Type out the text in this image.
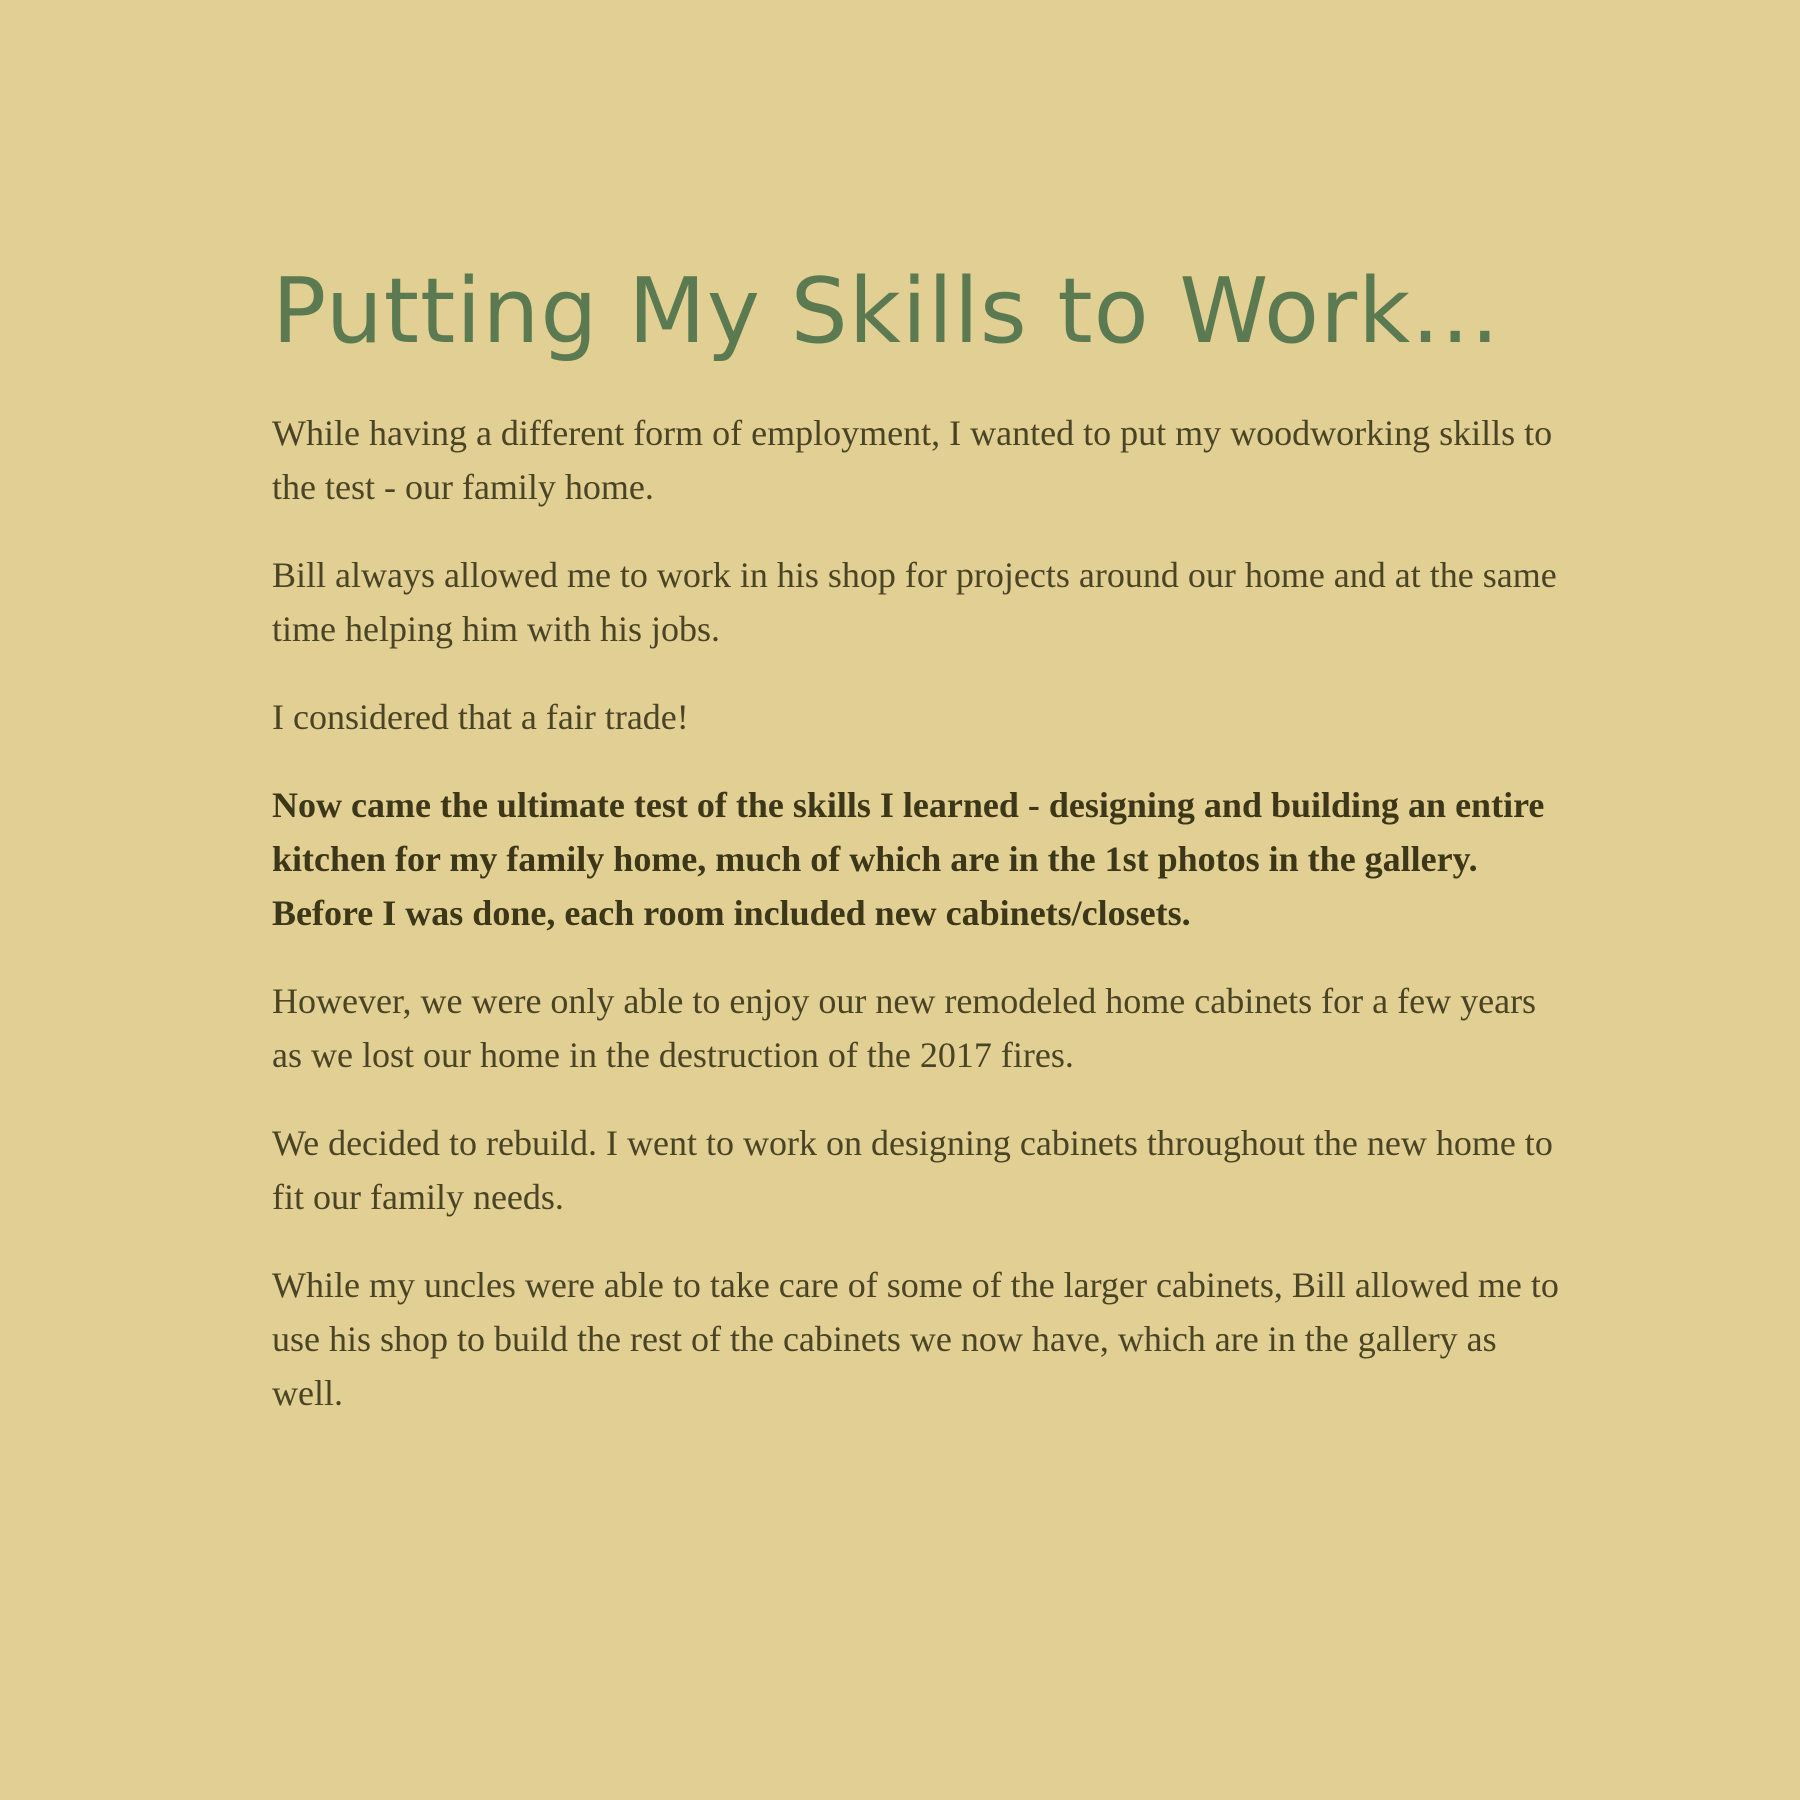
Putting My Skills to Work...

While having a different form of employment, I wanted to put my woodworking skills to the test - our family home.

Bill always allowed me to work in his shop for projects around our home and at the same time helping him with his jobs.

I considered that a fair trade!

Now came the ultimate test of the skills I learned - designing and building an entire kitchen for my family home, much of which are in the 1st photos in the gallery. Before I was done, each room included new cabinets/closets.

However, we were only able to enjoy our new remodeled home cabinets for a few years as we lost our home in the destruction of the 2017 fires.

We decided to rebuild. I went to work on designing cabinets throughout the new home to fit our family needs.

While my uncles were able to take care of some of the larger cabinets, Bill allowed me to use his shop to build the rest of the cabinets we now have, which are in the gallery as well.
